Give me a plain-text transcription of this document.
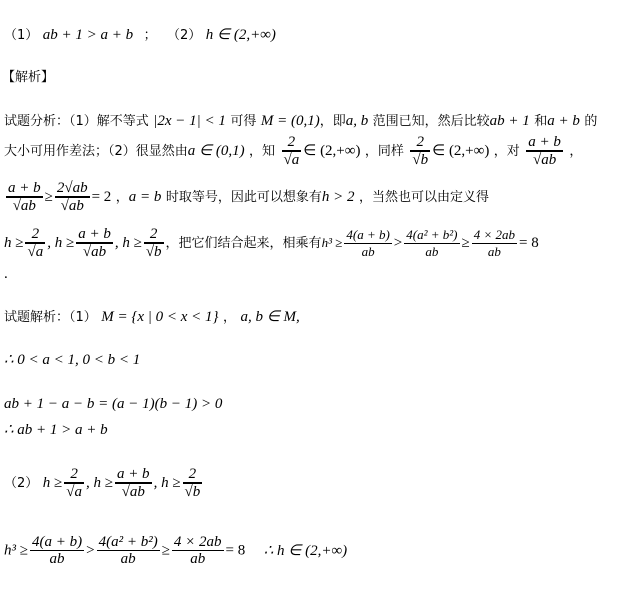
（1） ab + 1 > a + b ； （2） h ∈ (2,+∞)
【解析】
试题分析：（1）解不等式 |2x − 1| < 1 可得 M = (0,1)，即a, b 范围已知，然后比较ab + 1 和a + b 的
大小可用作差法；（2）很显然由a ∈ (0,1) ，知 2
√ a ∈ (2,+∞) ，同样 2
√ b ∈ (2,+∞) ，对 a + b
√ ab ，
a + b
√ ab ≥ 2√ab
√ ab = 2 ，a = b 时取等号，因此可以想象有h > 2 ，当然也可以由定义得
h ≥ 2
√ a , h ≥ a + b
√ ab , h ≥ 2
√ b ，把它们结合起来，相乘有$h^3 \ge \frac{4(a + b)}{ab} > \frac{\text{4(a² + b²)}}{ab} \ge \frac{4 \times 2ab}{ab} = 8$
.
试题解析：（1） M = {x | 0 < x < 1} ， a, b ∈ M,
∴ 0 < a < 1, 0 < b < 1
ab + 1 − a − b = (a − 1)(b − 1) > 0
∴ ab + 1 > a + b
（2） h ≥ 2
√ a , h ≥ a + b
√ ab , h ≥ 2
√ b
$h^3 \ge \frac{4(a + b)}{ab} > \frac{\text{4(a² + b²)}}{ab} \ge \frac{4 \times 2ab}{ab} = 8$ ∴ h ∈ (2,+∞)
